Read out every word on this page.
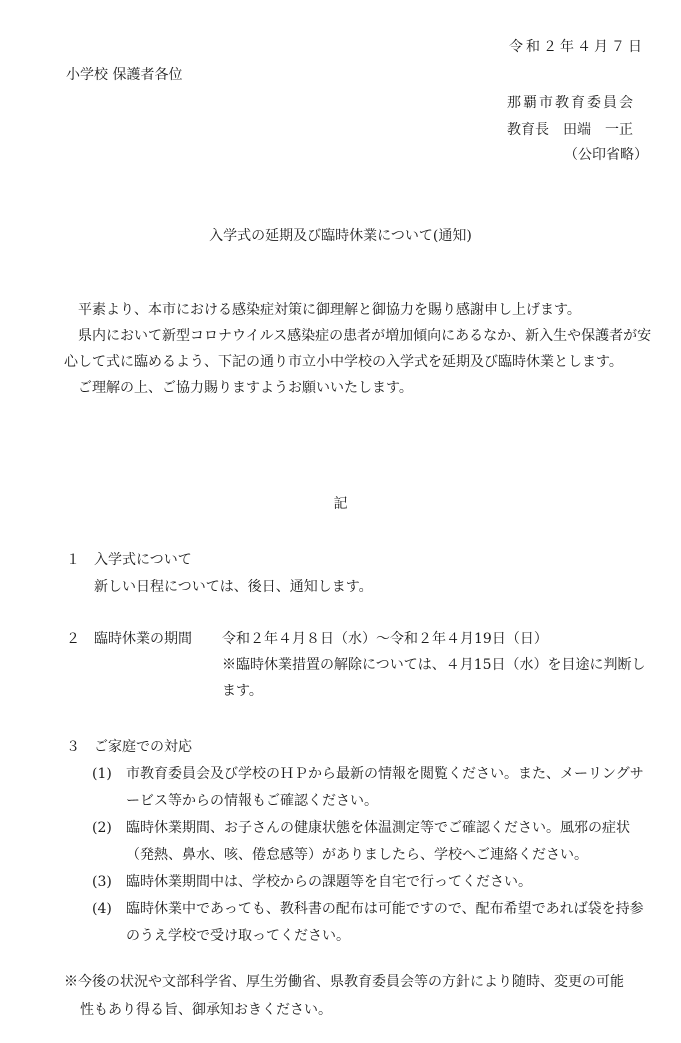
令和２年４月７日
小学校 保護者各位
那覇市教育委員会
教育長　田端　一正
（公印省略）
入学式の延期及び臨時休業について(通知)

平素より、本市における感染症対策に御理解と御協力を賜り感謝申し上げます。

県内において新型コロナウイルス感染症の患者が増加傾向にあるなか、新入生や保護者が安心して式に臨めるよう、下記の通り市立小中学校の入学式を延期及び臨時休業とします。

ご理解の上、ご協力賜りますようお願いいたします。

記
１	入学式について
新しい日程については、後日、通知します。
２	臨時休業の期間	令和２年４月８日（水）～令和２年４月19日（日）
※臨時休業措置の解除については、４月15日（水）を目途に判断します。
３	ご家庭での対応
(1)	市教育委員会及び学校のＨＰから最新の情報を閲覧ください。また、メーリングサービス等からの情報もご確認ください。
(2)	臨時休業期間、お子さんの健康状態を体温測定等でご確認ください。風邪の症状（発熱、鼻水、咳、倦怠感等）がありましたら、学校へご連絡ください。
(3)	臨時休業期間中は、学校からの課題等を自宅で行ってください。
(4)	臨時休業中であっても、教科書の配布は可能ですので、配布希望であれば袋を持参のうえ学校で受け取ってください。
※今後の状況や文部科学省、厚生労働省、県教育委員会等の方針により随時、変更の可能
性もあり得る旨、御承知おきください。
